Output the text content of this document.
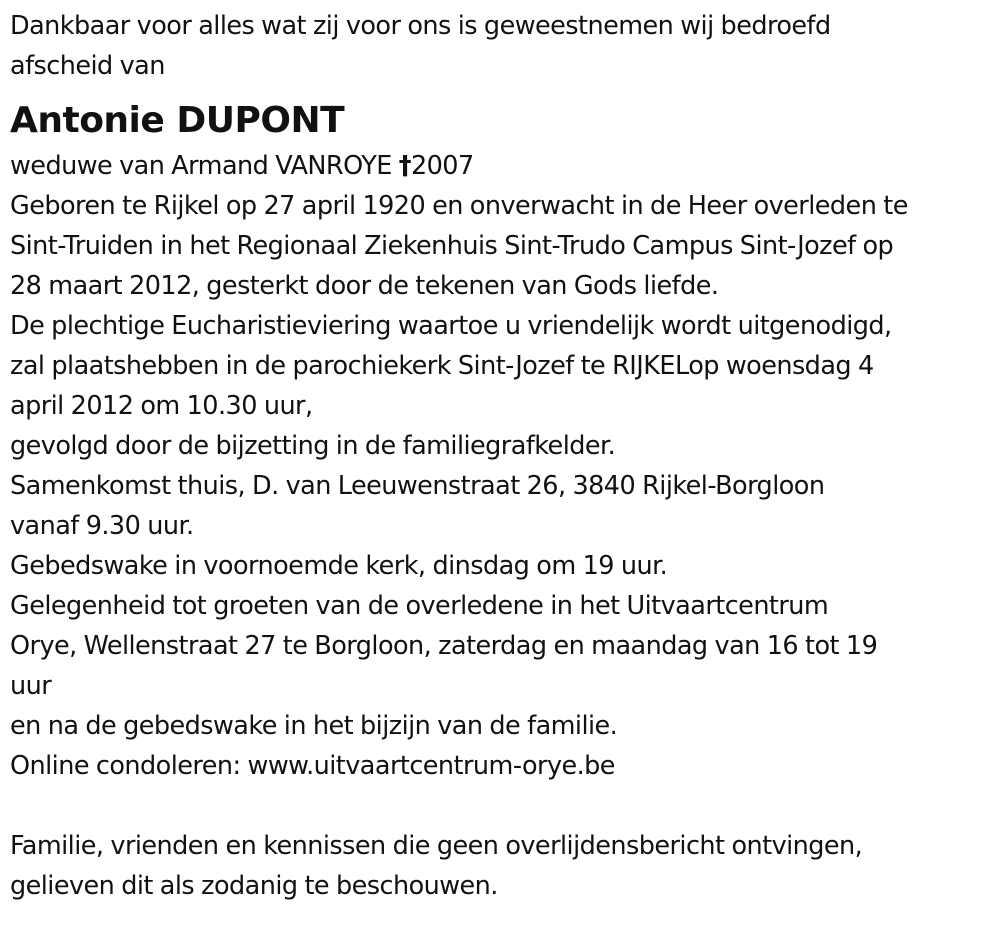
Dankbaar voor alles wat zij voor ons is geweestnemen wij bedroefd
afscheid van
Antonie DUPONT
weduwe van Armand VANROYE †2007
Geboren te Rijkel op 27 april 1920 en onverwacht in de Heer overleden te
Sint-Truiden in het Regionaal Ziekenhuis Sint-Trudo Campus Sint-Jozef op
28 maart 2012, gesterkt door de tekenen van Gods liefde.
De plechtige Eucharistieviering waartoe u vriendelijk wordt uitgenodigd,
zal plaatshebben in de parochiekerk Sint-Jozef te RIJKELop woensdag 4
april 2012 om 10.30 uur,
gevolgd door de bijzetting in de familiegrafkelder.
Samenkomst thuis, D. van Leeuwenstraat 26, 3840 Rijkel-Borgloon
vanaf 9.30 uur.
Gebedswake in voornoemde kerk, dinsdag om 19 uur.
Gelegenheid tot groeten van de overledene in het Uitvaartcentrum
Orye, Wellenstraat 27 te Borgloon, zaterdag en maandag van 16 tot 19
uur
en na de gebedswake in het bijzijn van de familie.
Online condoleren: www.uitvaartcentrum-orye.be
Familie, vrienden en kennissen die geen overlijdensbericht ontvingen,
gelieven dit als zodanig te beschouwen.
